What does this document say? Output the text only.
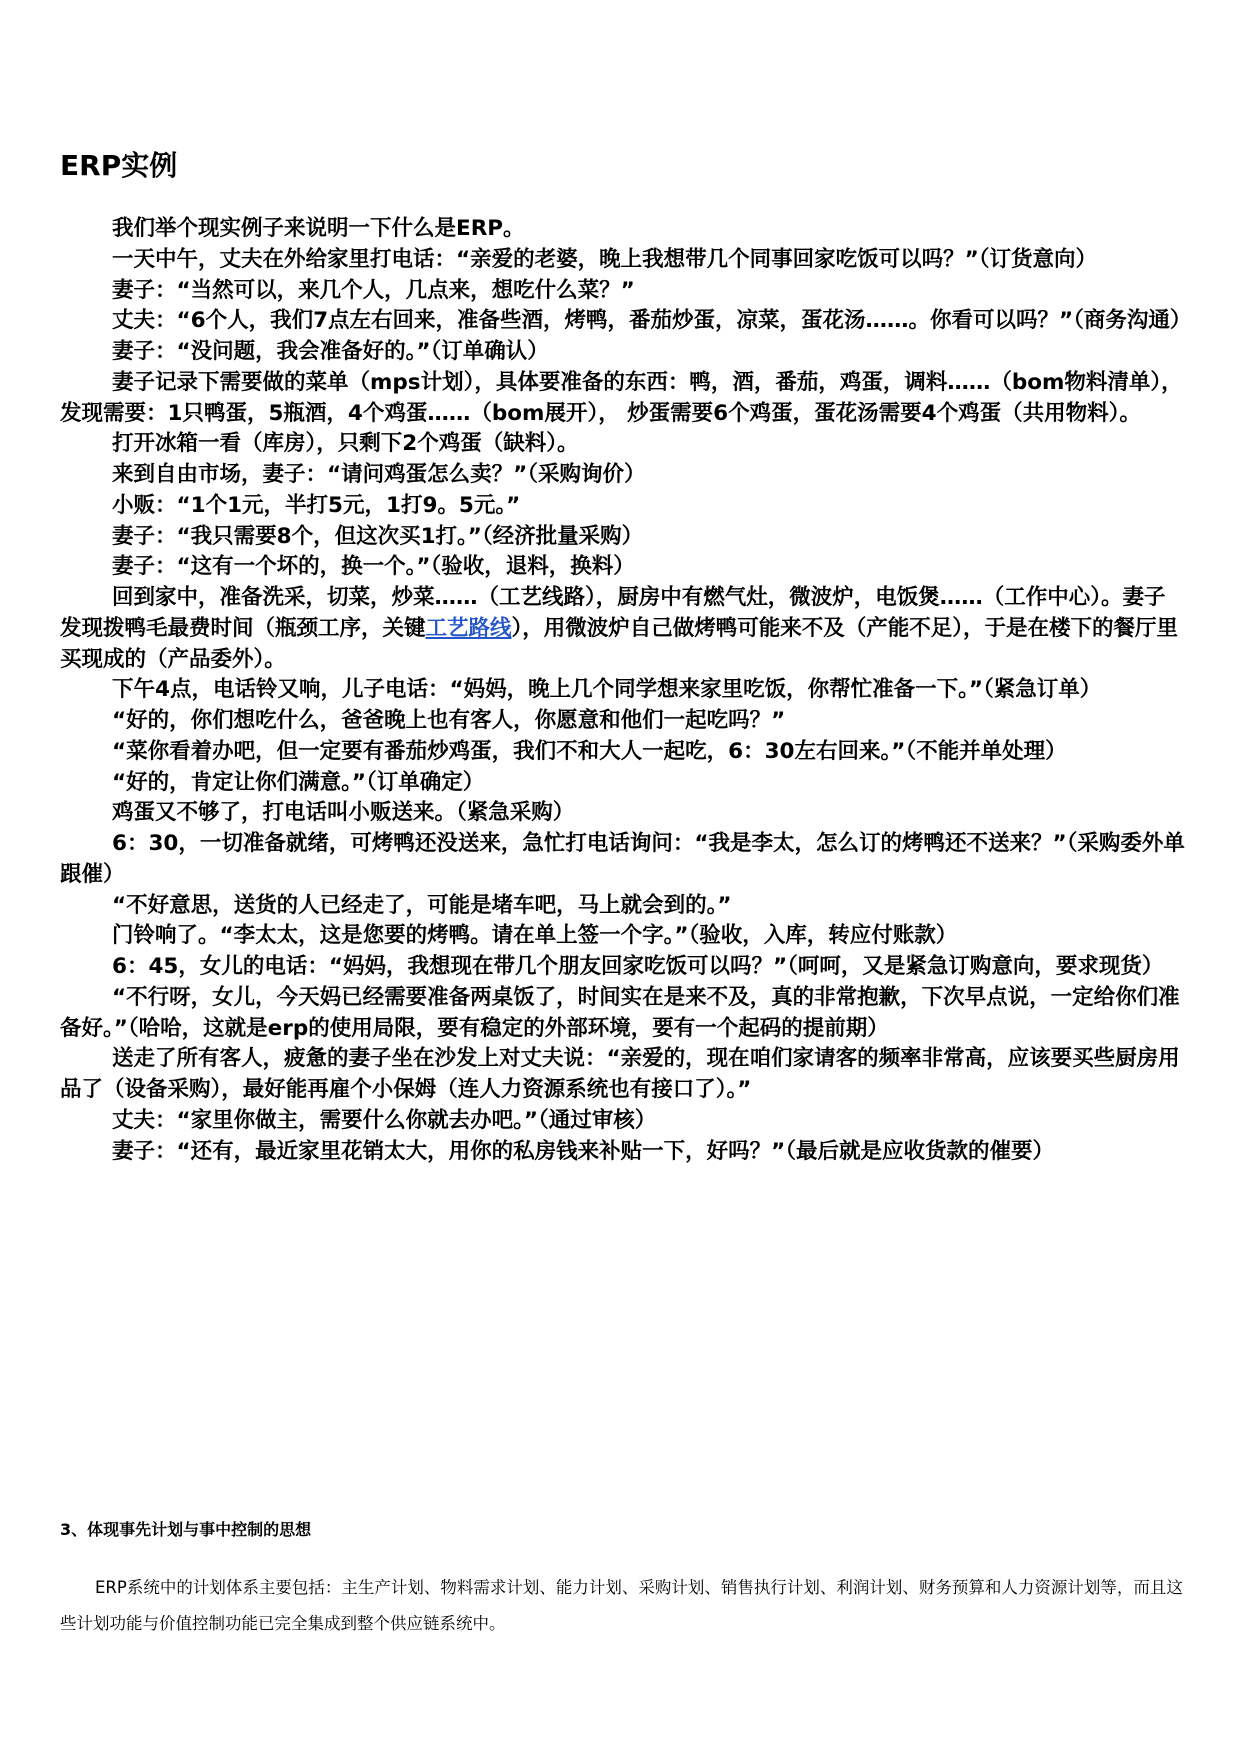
ERP实例

我们举个现实例子来说明一下什么是ERP。

一天中午，丈夫在外给家里打电话：“亲爱的老婆，晚上我想带几个同事回家吃饭可以吗？”（订货意向）

妻子：“当然可以，来几个人，几点来，想吃什么菜？”

丈夫：“6个人，我们7点左右回来，准备些酒，烤鸭，番茄炒蛋，凉菜，蛋花汤……。你看可以吗？”（商务沟通）

妻子：“没问题，我会准备好的。”（订单确认）

妻子记录下需要做的菜单（mps计划），具体要准备的东西：鸭，酒，番茄，鸡蛋，调料……（bom物料清单），发现需要：1只鸭蛋，5瓶酒，4个鸡蛋……（bom展开）， 炒蛋需要6个鸡蛋，蛋花汤需要4个鸡蛋（共用物料）。

打开冰箱一看（库房），只剩下2个鸡蛋（缺料）。

来到自由市场，妻子：“请问鸡蛋怎么卖？”（采购询价）

小贩：“1个1元，半打5元，1打9。5元。”

妻子：“我只需要8个，但这次买1打。”（经济批量采购）

妻子：“这有一个坏的，换一个。”（验收，退料，换料）

回到家中，准备洗采，切菜，炒菜……（工艺线路），厨房中有燃气灶，微波炉，电饭煲……（工作中心）。妻子发现拨鸭毛最费时间（瓶颈工序，关键工艺路线），用微波炉自己做烤鸭可能来不及（产能不足），于是在楼下的餐厅里买现成的（产品委外）。

下午4点，电话铃又响，儿子电话：“妈妈，晚上几个同学想来家里吃饭，你帮忙准备一下。”（紧急订单）

“好的，你们想吃什么，爸爸晚上也有客人，你愿意和他们一起吃吗？”

“菜你看着办吧，但一定要有番茄炒鸡蛋，我们不和大人一起吃，6：30左右回来。”（不能并单处理）

“好的，肯定让你们满意。”（订单确定）

鸡蛋又不够了，打电话叫小贩送来。（紧急采购）

6：30，一切准备就绪，可烤鸭还没送来，急忙打电话询问：“我是李太，怎么订的烤鸭还不送来？”（采购委外单跟催）

“不好意思，送货的人已经走了，可能是堵车吧，马上就会到的。”

门铃响了。“李太太，这是您要的烤鸭。请在单上签一个字。”（验收，入库，转应付账款）

6：45，女儿的电话：“妈妈，我想现在带几个朋友回家吃饭可以吗？”（呵呵，又是紧急订购意向，要求现货）

“不行呀，女儿，今天妈已经需要准备两桌饭了，时间实在是来不及，真的非常抱歉，下次早点说，一定给你们准备好。”（哈哈，这就是erp的使用局限，要有稳定的外部环境，要有一个起码的提前期）

送走了所有客人，疲惫的妻子坐在沙发上对丈夫说：“亲爱的，现在咱们家请客的频率非常高，应该要买些厨房用品了（设备采购），最好能再雇个小保姆（连人力资源系统也有接口了）。”

丈夫：“家里你做主，需要什么你就去办吧。”（通过审核）

妻子：“还有，最近家里花销太大，用你的私房钱来补贴一下，好吗？”（最后就是应收货款的催要）

3、体现事先计划与事中控制的思想

ERP系统中的计划体系主要包括：主生产计划、物料需求计划、能力计划、采购计划、销售执行计划、利润计划、财务预算和人力资源计划等，而且这些计划功能与价值控制功能已完全集成到整个供应链系统中。
